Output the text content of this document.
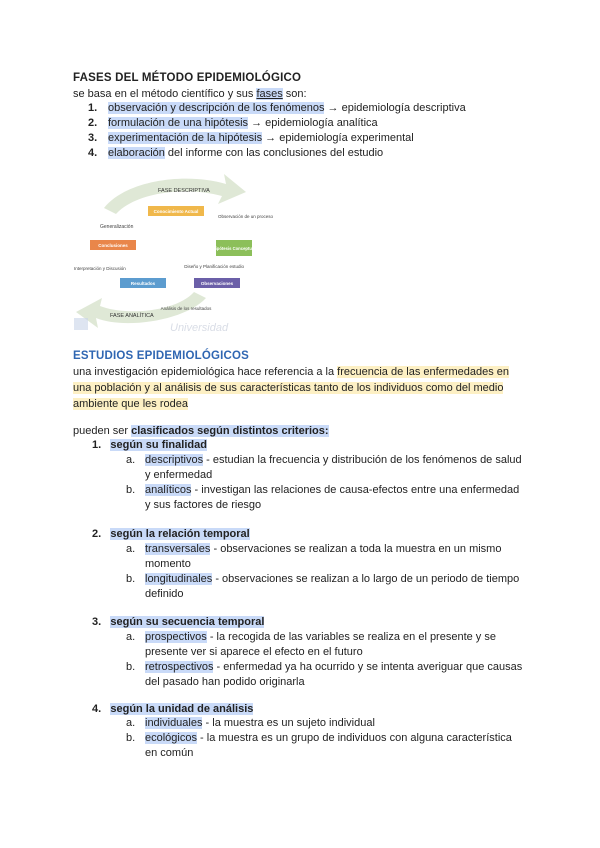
FASES DEL MÉTODO EPIDEMIOLÓGICO
se basa en el método científico y sus fases son:
1. observación y descripción de los fenómenos → epidemiología descriptiva
2. formulación de una hipótesis → epidemiología analítica
3. experimentación de la hipótesis → epidemiología experimental
4. elaboración del informe con las conclusiones del estudio
FASE DESCRIPTIVA
FASE ANALÍTICA
Universidad
Conocimiento Actual
Hipótesis Conceptual
Observaciones
Resultados
Conclusiones
Generalización
Observación de un proceso
Diseño y Planificación estudio
Análisis de los resultados
Interpretación y Discusión
ESTUDIOS EPIDEMIOLÓGICOS
una investigación epidemiológica hace referencia a la frecuencia de las enfermedades en
una población y al análisis de sus características tanto de los individuos como del medio
ambiente que les rodea
pueden ser clasificados según distintos criterios:
1. según su finalidad
a. descriptivos - estudian la frecuencia y distribución de los fenómenos de salud
y enfermedad
b. analíticos - investigan las relaciones de causa-efectos entre una enfermedad
y sus factores de riesgo
2. según la relación temporal
a. transversales - observaciones se realizan a toda la muestra en un mismo
momento
b. longitudinales - observaciones se realizan a lo largo de un periodo de tiempo
definido
3. según su secuencia temporal
a. prospectivos - la recogida de las variables se realiza en el presente y se
presente ver si aparece el efecto en el futuro
b. retrospectivos - enfermedad ya ha ocurrido y se intenta averiguar que causas
del pasado han podido originarla
4. según la unidad de análisis
a. individuales - la muestra es un sujeto individual
b. ecológicos - la muestra es un grupo de individuos con alguna característica
en común
